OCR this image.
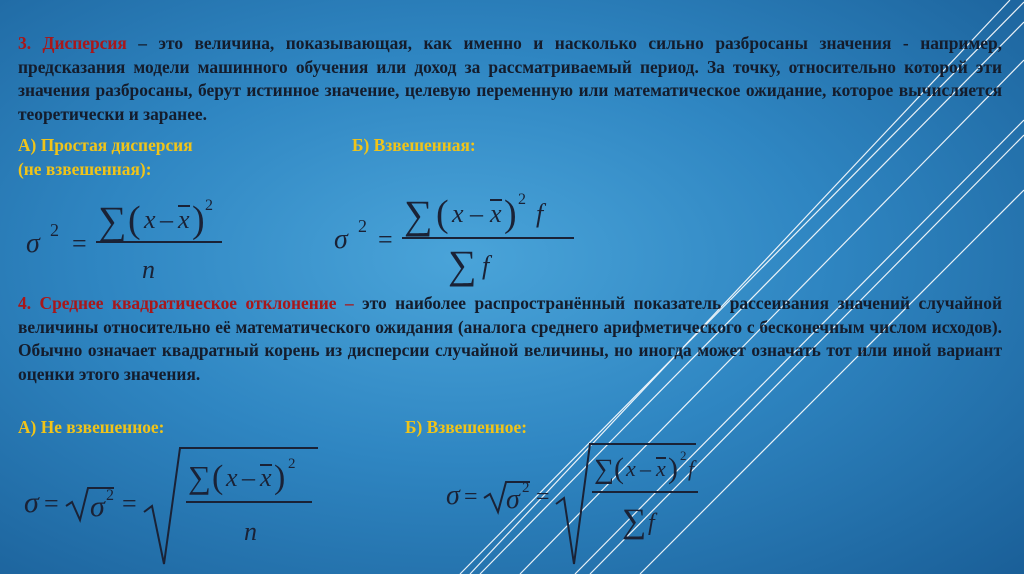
3. Дисперсия – это величина, показывающая, как именно и насколько сильно разбросаны значения - например, предсказания модели машинного обучения или доход за рассматриваемый период. За точку, относительно которой эти значения разбросаны, берут истинное значение, целевую переменную или математическое ожидание, которое вычисляется теоретически и заранее.

А) Простая дисперсия

(не взвешенная):

Б) Взвешенная:

σ 2 =
∑ ( x – x ) 2
n
σ 2 =
∑ ( x – x ) 2 f
∑ f

4. Среднее квадратическое отклонение – это наиболее распространённый показатель рассеивания значений случайной величины относительно её математического ожидания (аналога среднего арифметического с бесконечным числом исходов). Обычно означает квадратный корень из дисперсии случайной величины, но иногда может означать тот или иной вариант оценки этого значения.

А) Не взвешенное:	Б) Взвешенное:

σ = σ 2 =
∑ ( x – x ) 2
n
σ = σ 2 =
∑ ( x – x ) 2
f
∑ f
